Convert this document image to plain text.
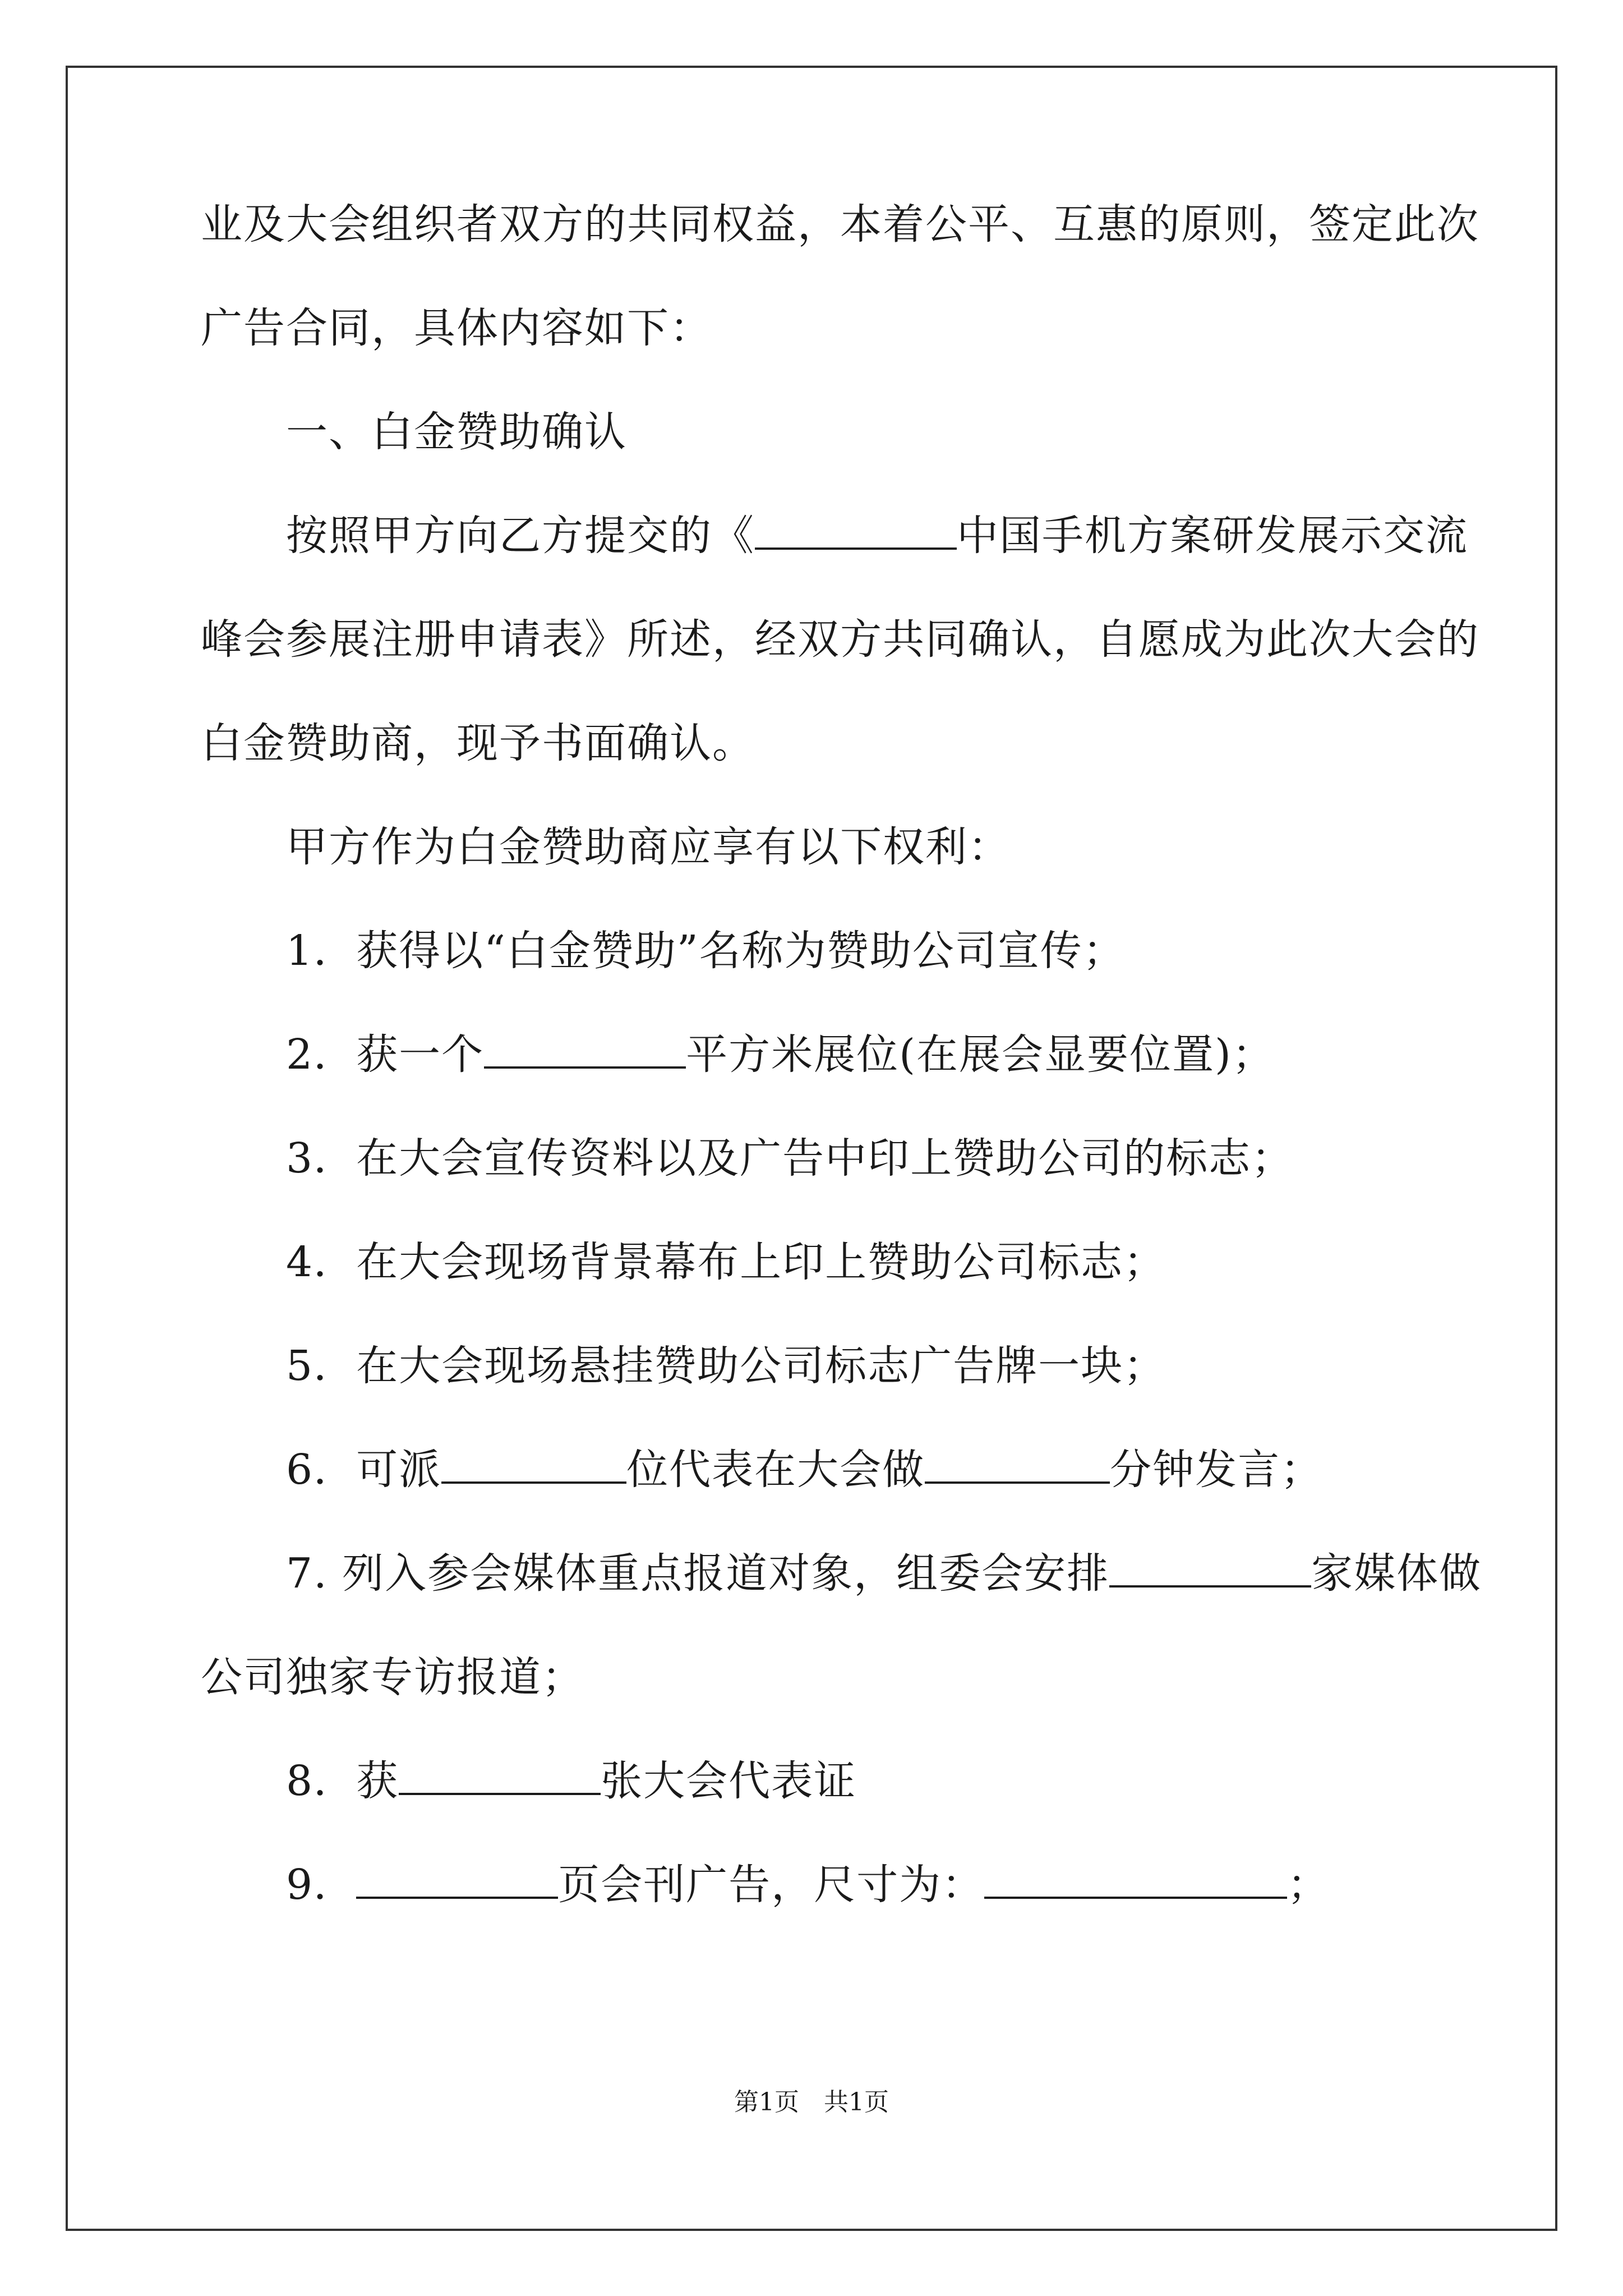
业及大会组织者双方的共同权益，本着公平、互惠的原则，签定此次
广告合同，具体内容如下：
　　一、白金赞助确认
　　按照甲方向乙方提交的《	中国手机方案研发展示交流
峰会参展注册申请表》所述，经双方共同确认，自愿成为此次大会的
白金赞助商，现予书面确认。
　　甲方作为白金赞助商应享有以下权利：
　　1．获得以“白金赞助”名称为赞助公司宣传；
　　2．获一个	平方米展位(在展会显要位置)；
　　3．在大会宣传资料以及广告中印上赞助公司的标志；
　　4．在大会现场背景幕布上印上赞助公司标志；
　　5．在大会现场悬挂赞助公司标志广告牌一块；
　　6．可派	位代表在大会做	分钟发言；
　　7. 列入参会媒体重点报道对象，组委会安排	家媒体做
公司独家专访报道；
　　8．获	张大会代表证
　　9．	页会刊广告，尺寸为：	；
第1页　共1页
